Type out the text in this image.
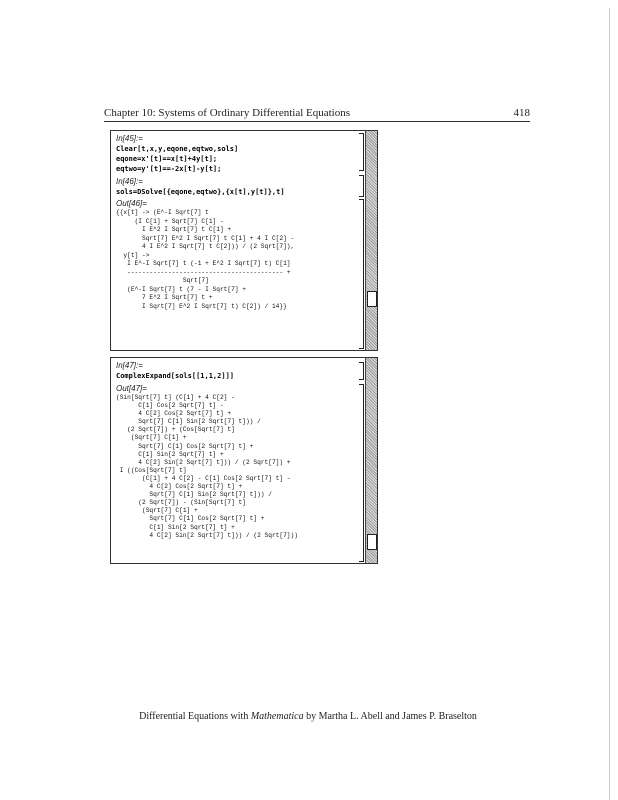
Chapter 10: Systems of Ordinary Differential Equations	418
In[45]:=
Clear[t,x,y,eqone,eqtwo,sols]
eqone=x'[t]==x[t]+4y[t];
eqtwo=y'[t]==-2x[t]-y[t];
In[46]:=
sols=DSolve[{eqone,eqtwo},{x[t],y[t]},t]
Out[46]=
{{x[t] -> (E^-I Sqrt[7] t
(I C[1] + Sqrt[7] C[1] -
I E^2 I Sqrt[7] t C[1] +
Sqrt[7] E^2 I Sqrt[7] t C[1] + 4 I C[2] -
4 I E^2 I Sqrt[7] t C[2])) / (2 Sqrt[7]),
y[t] ->
I E^-I Sqrt[7] t (-1 + E^2 I Sqrt[7] t) C[1]
------------------------------------------ +
Sqrt[7]
(E^-I Sqrt[7] t (7 - I Sqrt[7] +
7 E^2 I Sqrt[7] t +
I Sqrt[7] E^2 I Sqrt[7] t) C[2]) / 14}}
In[47]:=
ComplexExpand[sols[[1,1,2]]]
Out[47]=
(Sin[Sqrt[7] t] (C[1] + 4 C[2] -
C[1] Cos[2 Sqrt[7] t] -
4 C[2] Cos[2 Sqrt[7] t] +
Sqrt[7] C[1] Sin[2 Sqrt[7] t])) /
(2 Sqrt[7]) + (Cos[Sqrt[7] t]
(Sqrt[7] C[1] +
Sqrt[7] C[1] Cos[2 Sqrt[7] t] +
C[1] Sin[2 Sqrt[7] t] +
4 C[2] Sin[2 Sqrt[7] t])) / (2 Sqrt[7]) +
I ((Cos[Sqrt[7] t]
(C[1] + 4 C[2] - C[1] Cos[2 Sqrt[7] t] -
4 C[2] Cos[2 Sqrt[7] t] +
Sqrt[7] C[1] Sin[2 Sqrt[7] t])) /
(2 Sqrt[7]) - (Sin[Sqrt[7] t]
(Sqrt[7] C[1] +
Sqrt[7] C[1] Cos[2 Sqrt[7] t] +
C[1] Sin[2 Sqrt[7] t] +
4 C[2] Sin[2 Sqrt[7] t])) / (2 Sqrt[7]))
Differential Equations with Mathematica by Martha L. Abell and James P. Braselton
